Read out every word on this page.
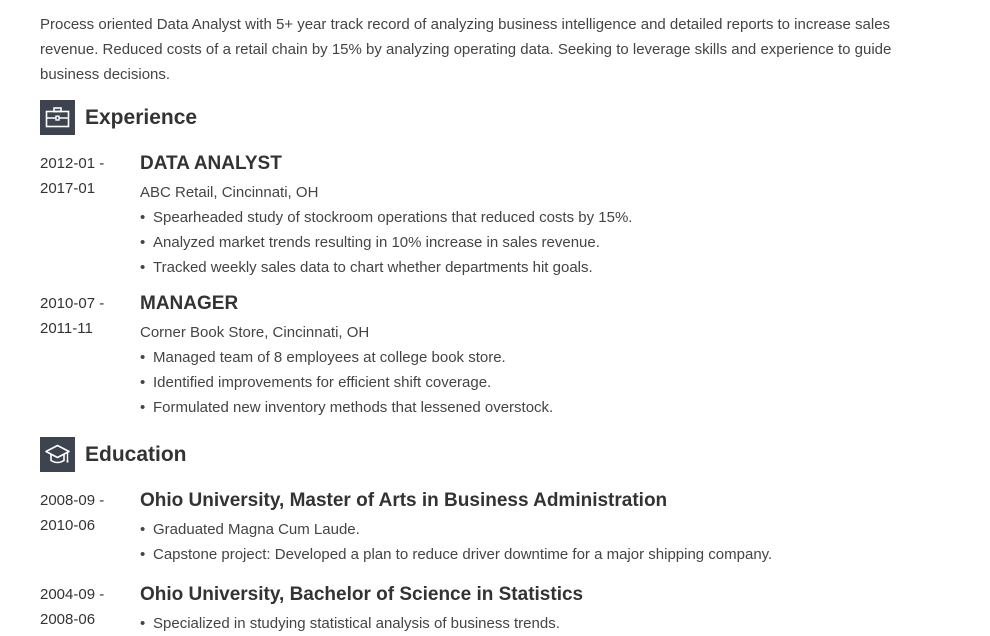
Process oriented Data Analyst with 5+ year track record of analyzing business intelligence and detailed reports to increase sales revenue. Reduced costs of a retail chain by 15% by analyzing operating data. Seeking to leverage skills and experience to guide business decisions.

Experience
2012-01 -
2017-01
DATA ANALYST
ABC Retail, Cincinnati, OH
• Spearheaded study of stockroom operations that reduced costs by 15%.
• Analyzed market trends resulting in 10% increase in sales revenue.
• Tracked weekly sales data to chart whether departments hit goals.
2010-07 -
2011-11
MANAGER
Corner Book Store, Cincinnati, OH
• Managed team of 8 employees at college book store.
• Identified improvements for efficient shift coverage.
• Formulated new inventory methods that lessened overstock.
Education
2008-09 -
2010-06
Ohio University, Master of Arts in Business Administration
• Graduated Magna Cum Laude.
• Capstone project: Developed a plan to reduce driver downtime for a major shipping company.
2004-09 -
2008-06
Ohio University, Bachelor of Science in Statistics
• Specialized in studying statistical analysis of business trends.
